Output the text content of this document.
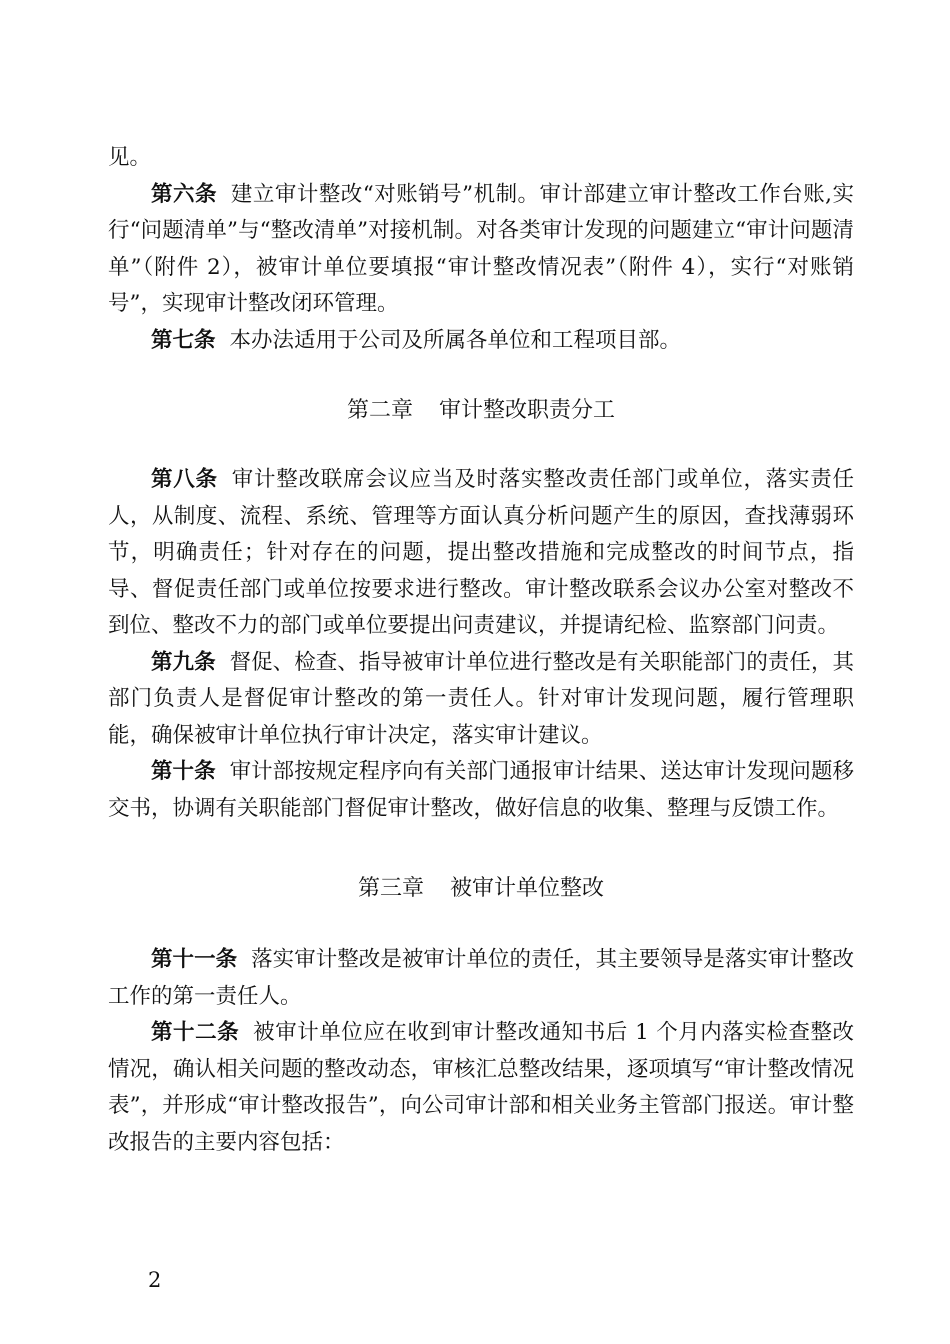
见。

第六条 建立审计整改“对账销号”机制。审计部建立审计整改工作台账,实行“问题清单”与“整改清单”对接机制。对各类审计发现的问题建立“审计问题清单”（附件 2），被审计单位要填报“审计整改情况表”（附件 4），实行“对账销号”，实现审计整改闭环管理。

第七条 本办法适用于公司及所属各单位和工程项目部。

第二章 审计整改职责分工

第八条 审计整改联席会议应当及时落实整改责任部门或单位，落实责任人，从制度、流程、系统、管理等方面认真分析问题产生的原因，查找薄弱环节，明确责任；针对存在的问题，提出整改措施和完成整改的时间节点，指导、督促责任部门或单位按要求进行整改。审计整改联系会议办公室对整改不到位、整改不力的部门或单位要提出问责建议，并提请纪检、监察部门问责。

第九条 督促、检查、指导被审计单位进行整改是有关职能部门的责任，其部门负责人是督促审计整改的第一责任人。针对审计发现问题，履行管理职能，确保被审计单位执行审计决定，落实审计建议。

第十条 审计部按规定程序向有关部门通报审计结果、送达审计发现问题移交书，协调有关职能部门督促审计整改，做好信息的收集、整理与反馈工作。

第三章 被审计单位整改

第十一条 落实审计整改是被审计单位的责任，其主要领导是落实审计整改工作的第一责任人。

第十二条 被审计单位应在收到审计整改通知书后 1 个月内落实检查整改情况，确认相关问题的整改动态，审核汇总整改结果，逐项填写“审计整改情况表”，并形成“审计整改报告”，向公司审计部和相关业务主管部门报送。审计整改报告的主要内容包括：

2
